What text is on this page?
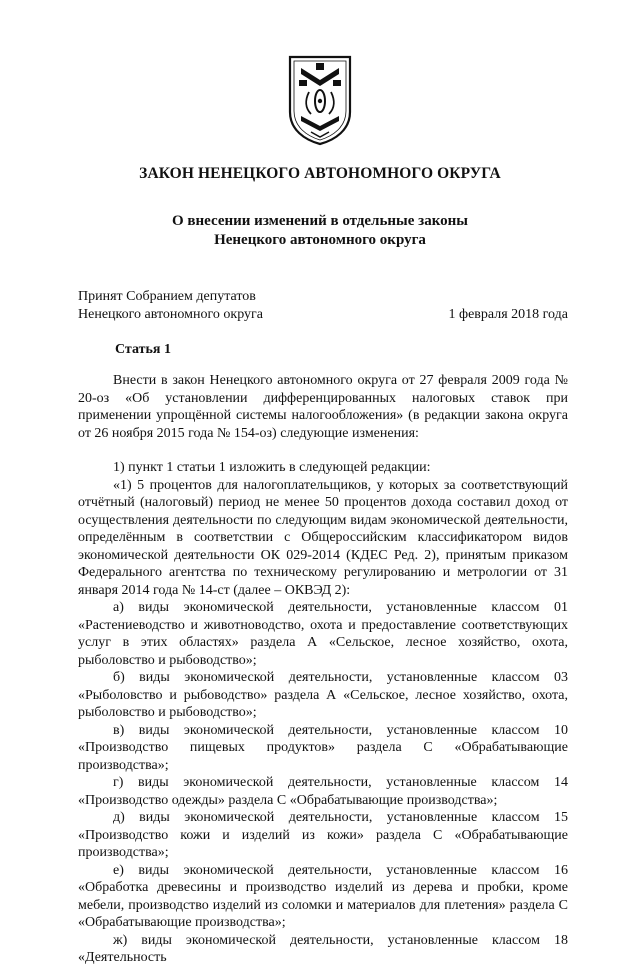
ЗАКОН НЕНЕЦКОГО АВТОНОМНОГО ОКРУГА
О внесении изменений в отдельные законы
Ненецкого автономного округа
Принят Собранием депутатов
Ненецкого автономного округа	1 февраля 2018 года
Статья 1

Внести в закон Ненецкого автономного округа от 27 февраля 2009 года № 20-оз «Об установлении дифференцированных налоговых ставок при применении упрощённой системы налогообложения» (в редакции закона округа от 26 ноября 2015 года № 154-оз) следующие изменения:

1) пункт 1 статьи 1 изложить в следующей редакции:

«1) 5 процентов для налогоплательщиков, у которых за соответствующий отчётный (налоговый) период не менее 50 процентов дохода составил доход от осуществления деятельности по следующим видам экономической деятельности, определённым в соответствии с Общероссийским классификатором видов экономической деятельности ОК 029-2014 (КДЕС Ред. 2), принятым приказом Федерального агентства по техническому регулированию и метрологии от 31 января 2014 года № 14-ст (далее – ОКВЭД 2):

а) виды экономической деятельности, установленные классом 01 «Растениеводство и животноводство, охота и предоставление соответствующих услуг в этих областях» раздела А «Сельское, лесное хозяйство, охота, рыболовство и рыбоводство»;

б) виды экономической деятельности, установленные классом 03 «Рыболовство и рыбоводство» раздела А «Сельское, лесное хозяйство, охота, рыболовство и рыбоводство»;

в) виды экономической деятельности, установленные классом 10 «Производство пищевых продуктов» раздела С «Обрабатывающие производства»;

г) виды экономической деятельности, установленные классом 14 «Производство одежды» раздела С «Обрабатывающие производства»;

д) виды экономической деятельности, установленные классом 15 «Производство кожи и изделий из кожи» раздела С «Обрабатывающие производства»;

е) виды экономической деятельности, установленные классом 16 «Обработка древесины и производство изделий из дерева и пробки, кроме мебели, производство изделий из соломки и материалов для плетения» раздела С «Обрабатывающие производства»;

ж) виды экономической деятельности, установленные классом 18 «Деятельность
